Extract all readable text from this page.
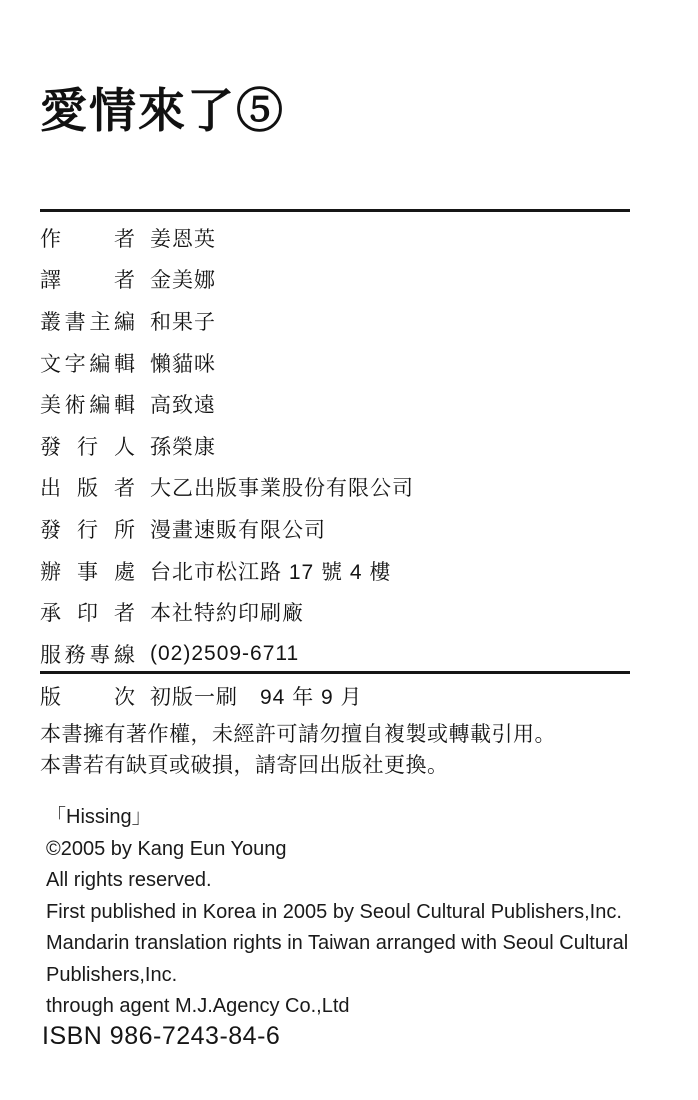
愛情來了⑤
作 者 姜恩英
譯 者 金美娜
叢書主編 和果子
文字編輯 懶貓咪
美術編輯 高致遠
發 行 人 孫榮康
出 版 者 大乙出版事業股份有限公司
發 行 所 漫畫速販有限公司
辦 事 處 台北市松江路 17 號 4 樓
承 印 者 本社特約印刷廠
服務專線 (02)2509-6711
版 次 初版一刷　94 年 9 月

本書擁有著作權，未經許可請勿擅自複製或轉載引用。

本書若有缺頁或破損，請寄回出版社更換。

「Hissing」

©2005 by Kang Eun Young

All rights reserved.

First published in Korea in 2005 by Seoul Cultural Publishers,Inc.

Mandarin translation rights in Taiwan arranged with Seoul Cultural

Publishers,Inc.

through agent M.J.Agency Co.,Ltd

ISBN 986-7243-84-6
